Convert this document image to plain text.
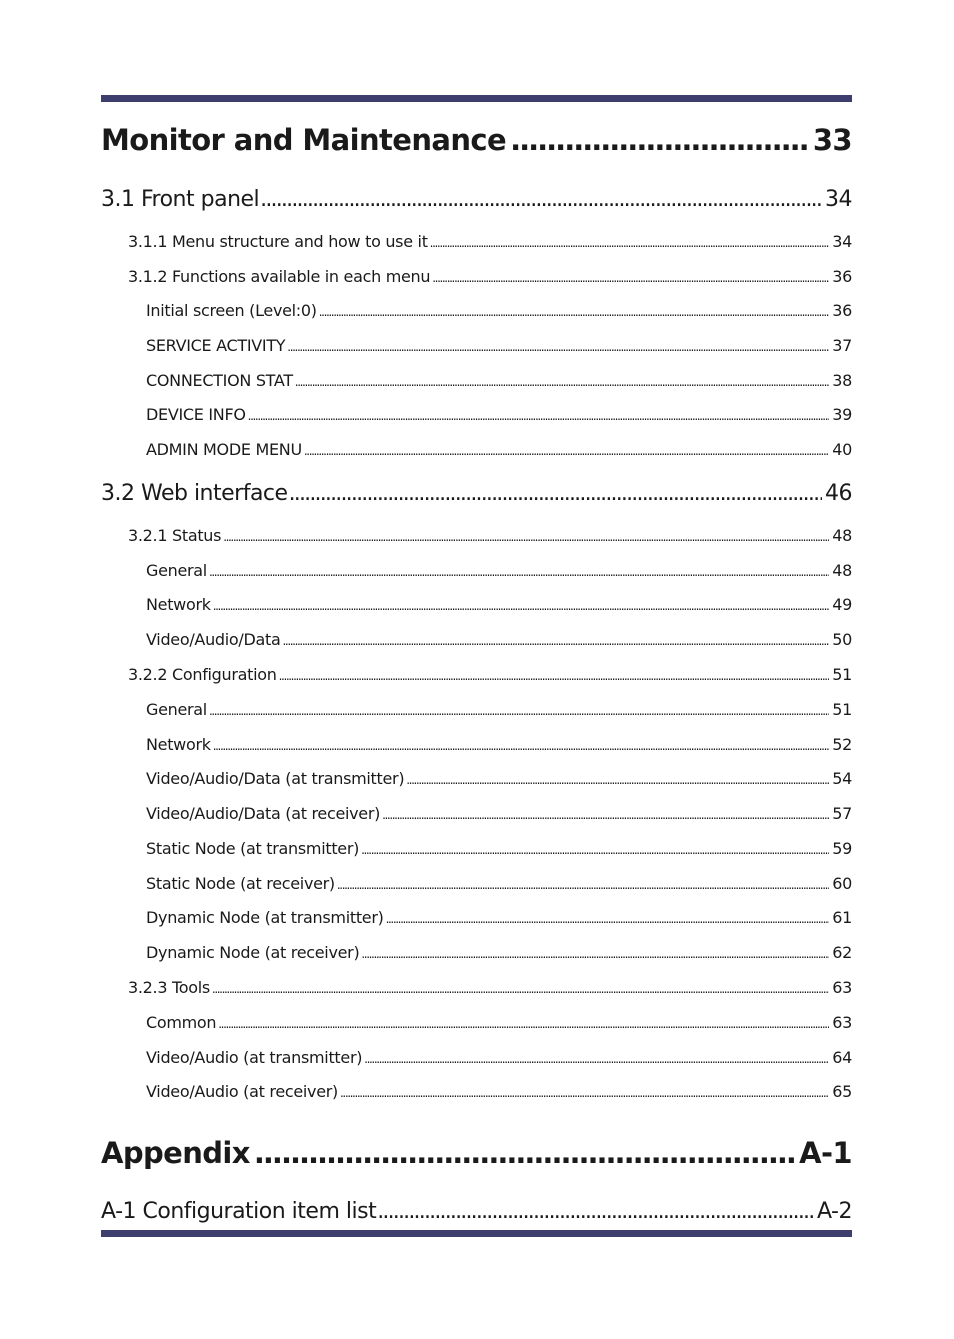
Monitor and Maintenance .....	33
3.1 Front panel .....	34
3.1.1 Menu structure and how to use it .....	34
3.1.2 Functions available in each menu .....	36
Initial screen (Level:0) .....	36
SERVICE ACTIVITY .....	37
CONNECTION STAT .....	38
DEVICE INFO .....	39
ADMIN MODE MENU .....	40
3.2 Web interface .....	46
3.2.1 Status .....	48
General .....	48
Network .....	49
Video/Audio/Data .....	50
3.2.2 Configuration .....	51
General .....	51
Network .....	52
Video/Audio/Data (at transmitter) .....	54
Video/Audio/Data (at receiver) .....	57
Static Node (at transmitter) .....	59
Static Node (at receiver) .....	60
Dynamic Node (at transmitter) .....	61
Dynamic Node (at receiver) .....	62
3.2.3 Tools .....	63
Common .....	63
Video/Audio (at transmitter) .....	64
Video/Audio (at receiver) .....	65
Appendix .....	A-1
A-1 Configuration item list .....	A-2
